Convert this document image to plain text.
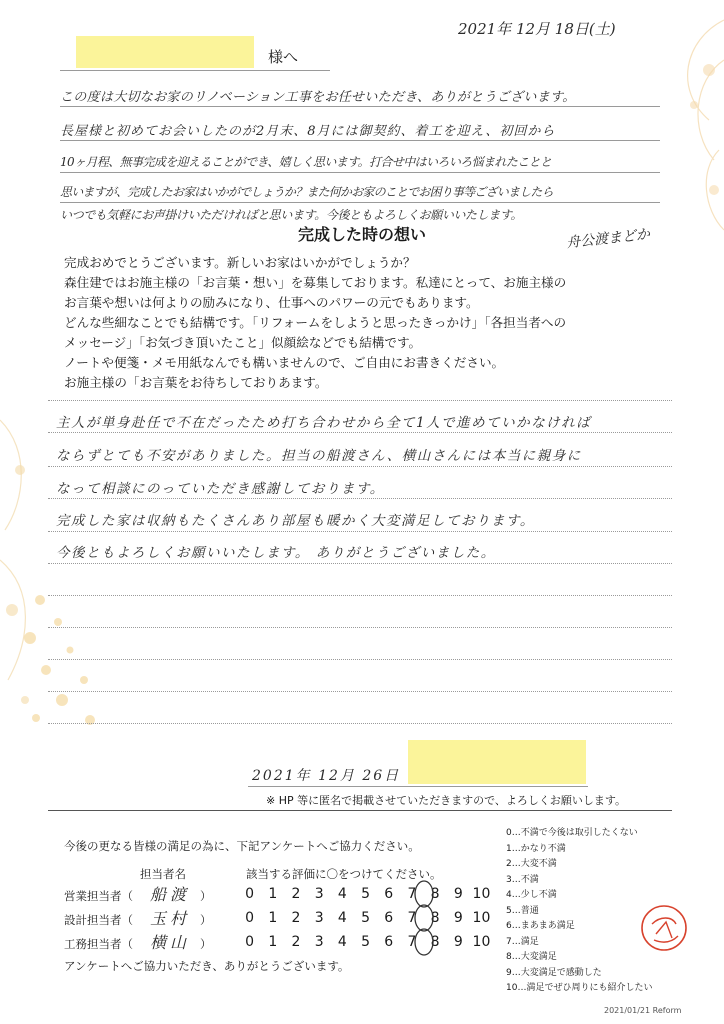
2021年 12月 18日(土)
様へ
この度は大切なお家のリノベーション工事をお任せいただき、ありがとうございます。
長屋様と初めてお会いしたのが2月末、8月には御契約、着工を迎え、初回から
10ヶ月程、無事完成を迎えることができ、嬉しく思います。打合せ中はいろいろ悩まれたことと
思いますが、完成したお家はいかがでしょうか？また何かお家のことでお困り事等ございましたら
いつでも気軽にお声掛けいただければと思います。今後ともよろしくお願いいたします。
舟公渡まどか
完成した時の想い

完成おめでとうございます。新しいお家はいかがでしょうか？

森住建ではお施主様の「お言葉・想い」を募集しております。私達にとって、お施主様の

お言葉や想いは何よりの励みになり、仕事へのパワーの元でもあります。

どんな些細なことでも結構です。「リフォームをしようと思ったきっかけ」「各担当者への

メッセージ」「お気づき頂いたこと」似顔絵などでも結構です。

ノートや便箋・メモ用紙なんでも構いませんので、ご自由にお書きください。

お施主様の「お言葉をお待ちしておりあます。

主人が単身赴任で不在だったため打ち合わせから全て1人で進めていかなければ
ならずとても不安がありました。担当の船渡さん、横山さんには本当に親身に
なって相談にのっていただき感謝しております。
完成した家は収納もたくさんあり部屋も暖かく大変満足しております。
今後ともよろしくお願いいたします。 ありがとうございました。
2021年 12月 26日
※ HP 等に匿名で掲載させていただきますので、よろしくお願いします。
今後の更なる皆様の満足の為に、下記アンケートへご協力ください。
担当者名	該当する評価に〇をつけてください。
営業担当者（ 船渡 ）	0 1 2 3 4 5 6 7 8 9 10
設計担当者（ 玉村 ）	0 1 2 3 4 5 6 7 8 9 10
工務担当者（ 横山 ）	0 1 2 3 4 5 6 7 8 9 10
アンケートへご協力いただき、ありがとうございます。
0…不満で今後は取引したくない
1…かなり不満
2…大変不満
3…不満
4…少し不満
5…普通
6…まあまあ満足
7…満足
8…大変満足
9…大変満足で感動した
10…満足でぜひ周りにも紹介したい
2021/01/21 Reform
